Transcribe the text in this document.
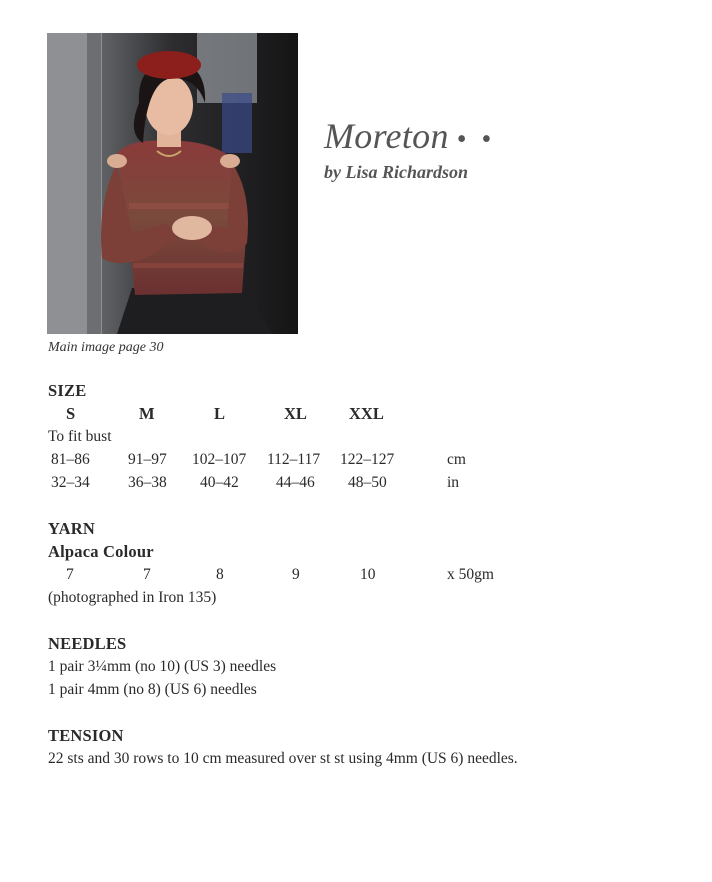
Main image page 30
Moreton • •
by Lisa Richardson
SIZE
S	M	L	XL	XXL
To fit bust
81–86 91–97 102–107 112–117 122–127	cm
32–34 36–38 40–42 44–46 48–50	in
YARN
Alpaca Colour
7	7	8	9	10	x 50gm
(photographed in Iron 135)
NEEDLES
1 pair 3¼mm (no 10) (US 3) needles
1 pair 4mm (no 8) (US 6) needles
TENSION
22 sts and 30 rows to 10 cm measured over st st using 4mm (US 6) needles.
